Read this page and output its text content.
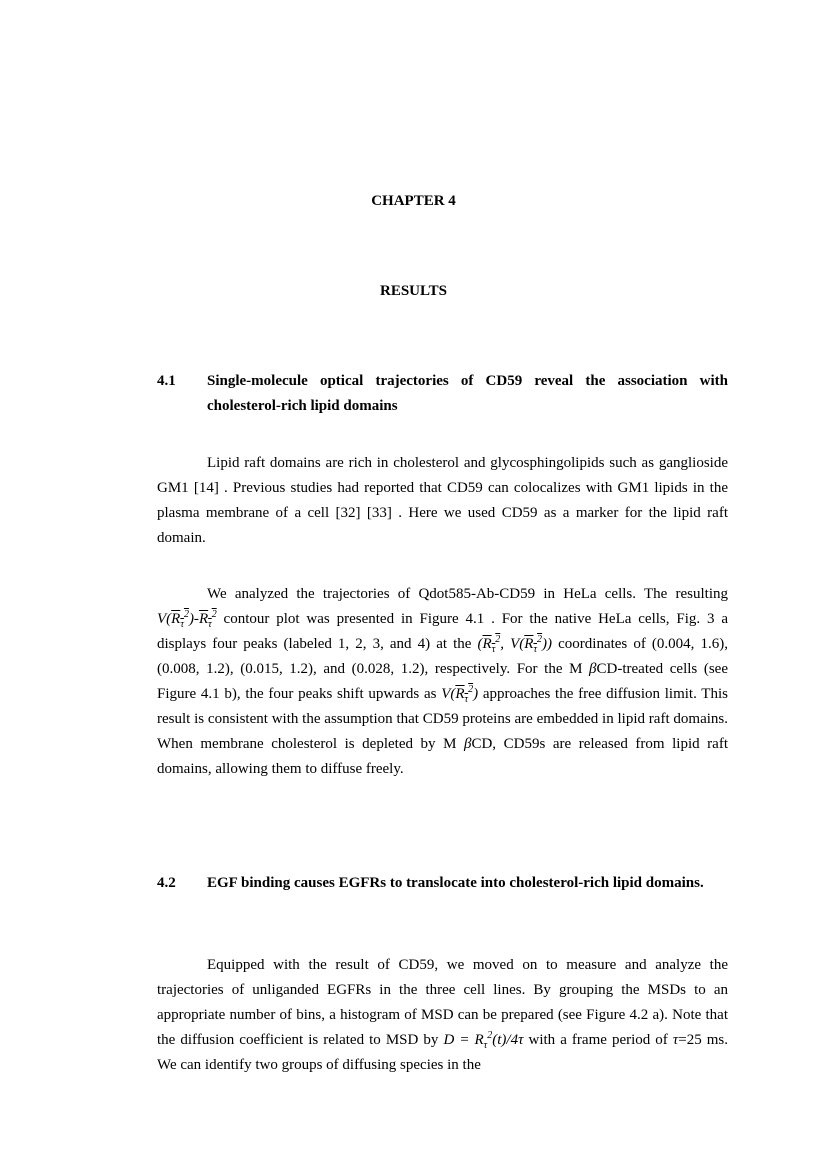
CHAPTER 4
RESULTS
4.1 Single-molecule optical trajectories of CD59 reveal the association with cholesterol-rich lipid domains

Lipid raft domains are rich in cholesterol and glycosphingolipids such as ganglioside GM1 [14] . Previous studies had reported that CD59 can colocalizes with GM1 lipids in the plasma membrane of a cell [32] [33] . Here we used CD59 as a marker for the lipid raft domain.

We analyzed the trajectories of Qdot585-Ab-CD59 in HeLa cells. The resulting $V(R_\tau^2)-R_\tau^2$ contour plot was presented in Figure 4.1 . For the native HeLa cells, Fig. 3 a displays four peaks (labeled 1, 2, 3, and 4) at the ($R_\tau^2$, $V(R_\tau^2)$) coordinates of (0.004, 1.6), (0.008, 1.2), (0.015, 1.2), and (0.028, 1.2), respectively. For the M βCD-treated cells (see Figure 4.1 b), the four peaks shift upwards as $V(R_\tau^2)$ approaches the free diffusion limit. This result is consistent with the assumption that CD59 proteins are embedded in lipid raft domains. When membrane cholesterol is depleted by M βCD, CD59s are released from lipid raft domains, allowing them to diffuse freely.

4.2 EGF binding causes EGFRs to translocate into cholesterol-rich lipid domains.

Equipped with the result of CD59, we moved on to measure and analyze the trajectories of unliganded EGFRs in the three cell lines. By grouping the MSDs to an appropriate number of bins, a histogram of MSD can be prepared (see Figure 4.2 a). Note that the diffusion coefficient is related to MSD by $D = R_\tau^2(t)/4\tau$ with a frame period of τ=25 ms. We can identify two groups of diffusing species in the
